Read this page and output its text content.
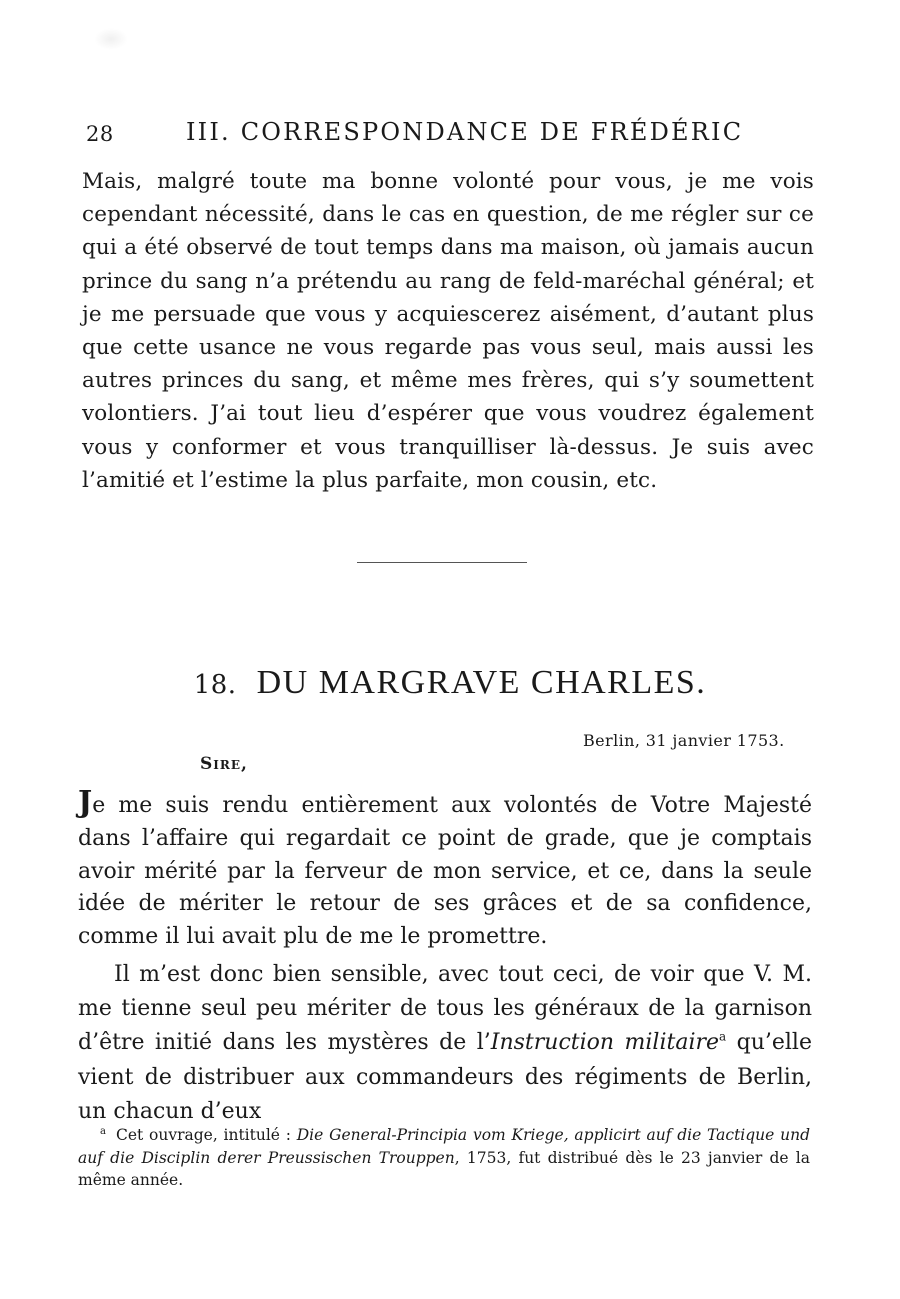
28	III. CORRESPONDANCE DE FRÉDÉRIC

Mais, malgré toute ma bonne volonté pour vous, je me vois cependant nécessité, dans le cas en question, de me régler sur ce qui a été observé de tout temps dans ma maison, où jamais aucun prince du sang n’a prétendu au rang de feld-maréchal général; et je me persuade que vous y acquiescerez aisément, d’autant plus que cette usance ne vous regarde pas vous seul, mais aussi les autres princes du sang, et même mes frères, qui s’y soumettent volontiers. J’ai tout lieu d’espérer que vous voudrez également vous y conformer et vous tranquilliser là-dessus. Je suis avec l’amitié et l’estime la plus parfaite, mon cousin, etc.

18. DU MARGRAVE CHARLES.
Berlin, 31 janvier 1753.
Sire,

Je me suis rendu entièrement aux volontés de Votre Majesté dans l’affaire qui regardait ce point de grade, que je comptais avoir mérité par la ferveur de mon service, et ce, dans la seule idée de mériter le retour de ses grâces et de sa confidence, comme il lui avait plu de me le promettre.

Il m’est donc bien sensible, avec tout ceci, de voir que V. M. me tienne seul peu mériter de tous les généraux de la garnison d’être initié dans les mystères de l’Instruction militaire$^a$ qu’elle vient de distribuer aux commandeurs des régiments de Berlin, un chacun d’eux

$^a$ Cet ouvrage, intitulé : Die General-Principia vom Kriege, applicirt auf die Tactique und auf die Disciplin derer Preussischen Trouppen, 1753, fut distribué dès le 23 janvier de la même année.
